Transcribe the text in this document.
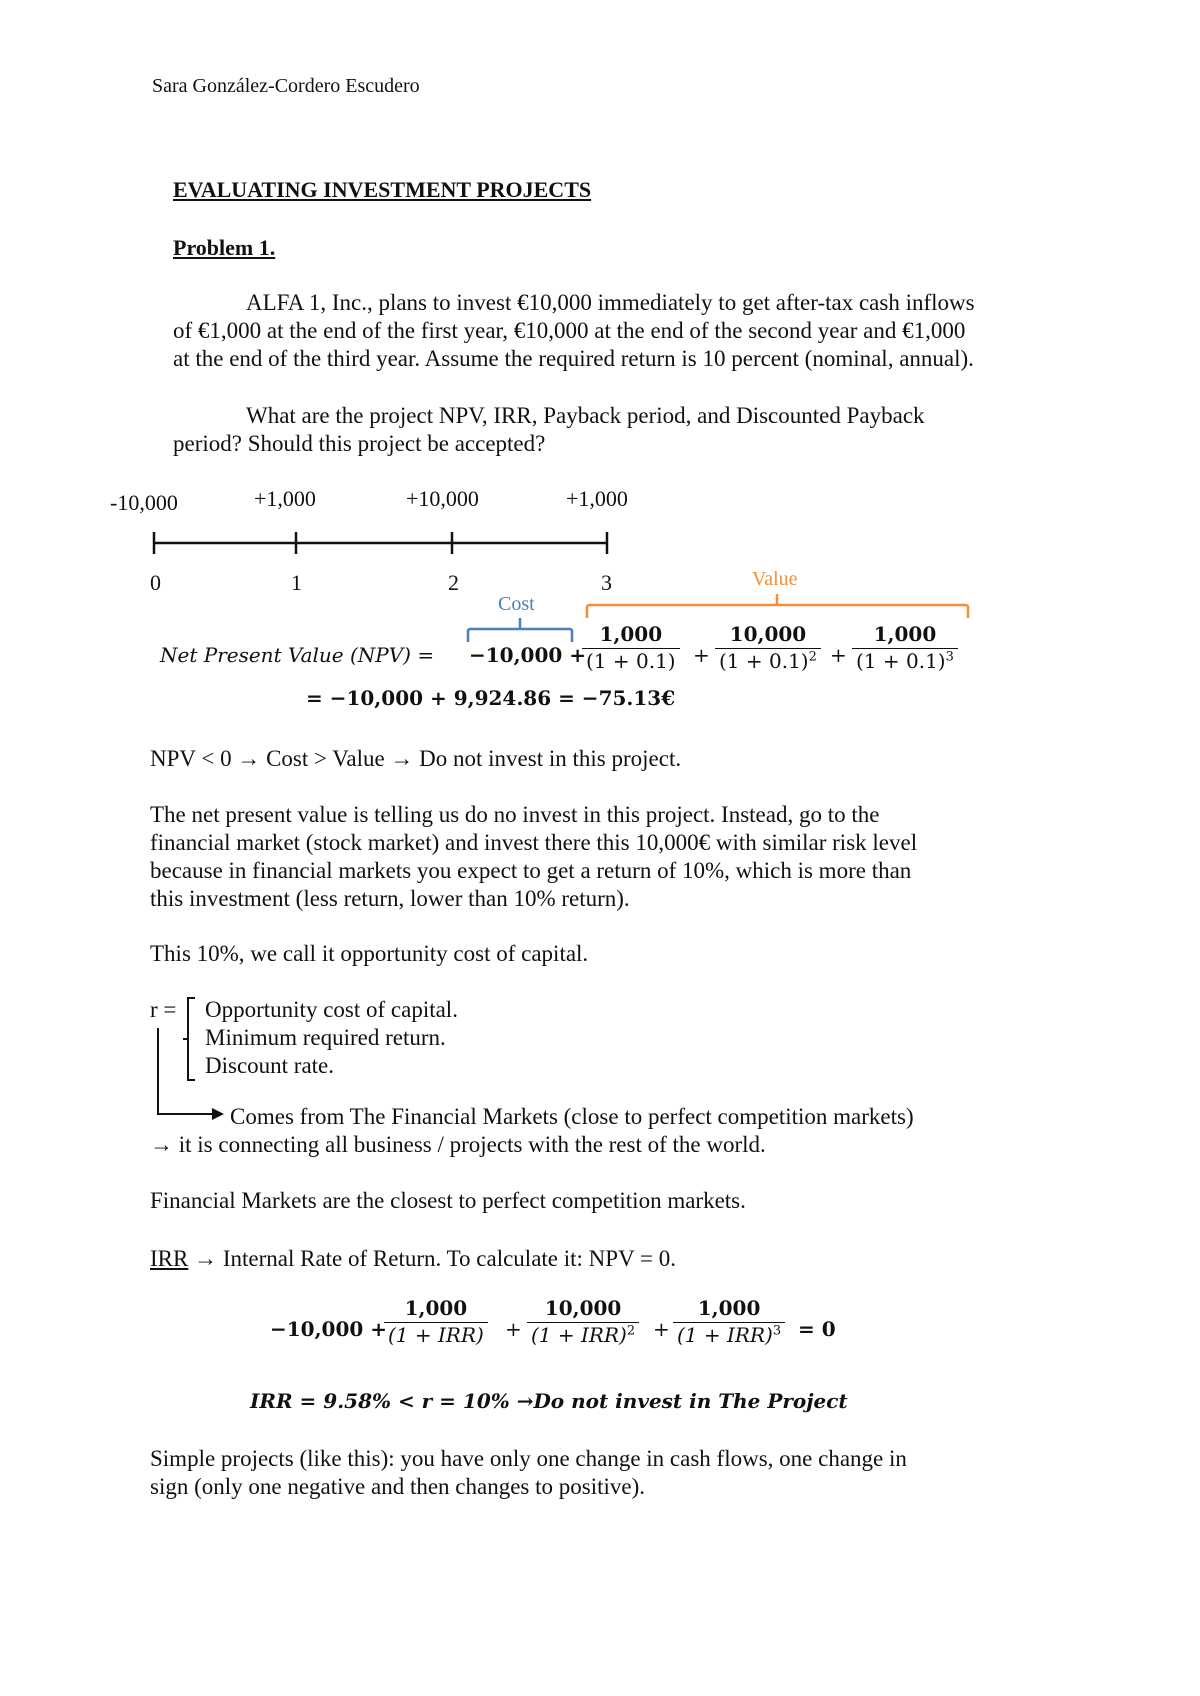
Sara González-Cordero Escudero
EVALUATING INVESTMENT PROJECTS
Problem 1.
ALFA 1, Inc., plans to invest €10,000 immediately to get after-tax cash inflows
of €1,000 at the end of the first year, €10,000 at the end of the second year and €1,000
at the end of the third year. Assume the required return is 10 percent (nominal, annual).
What are the project NPV, IRR, Payback period, and Discounted Payback
period? Should this project be accepted?
-10,000	+1,000	+10,000	+1,000
0	1	2	3
Cost
Value
Net Present Value (NPV) = −10,000 +
$\frac{1,000}{(1 + 0.1)} + \frac{10,000}{(1 + 0.1)^2} + \frac{1,000}{(1 + 0.1)^3}$
= −10,000 + 9,924.86 = −75.13€
NPV < 0 → Cost > Value → Do not invest in this project.
The net present value is telling us do no invest in this project. Instead, go to the
financial market (stock market) and invest there this 10,000€ with similar risk level
because in financial markets you expect to get a return of 10%, which is more than
this investment (less return, lower than 10% return).
This 10%, we call it opportunity cost of capital.
r = Opportunity cost of capital.
Minimum required return.
Discount rate.
Comes from The Financial Markets (close to perfect competition markets)
→ it is connecting all business / projects with the rest of the world.
Financial Markets are the closest to perfect competition markets.
IRR → Internal Rate of Return. To calculate it: NPV = 0.
−10,000 +
1,000
(1 + IRR) +
10,000
(1 + IRR)$^2$ +
1,000
(1 + IRR)$^3$ = 0
IRR = 9.58% < r = 10% →Do not invest in The Project
Simple projects (like this): you have only one change in cash flows, one change in
sign (only one negative and then changes to positive).
